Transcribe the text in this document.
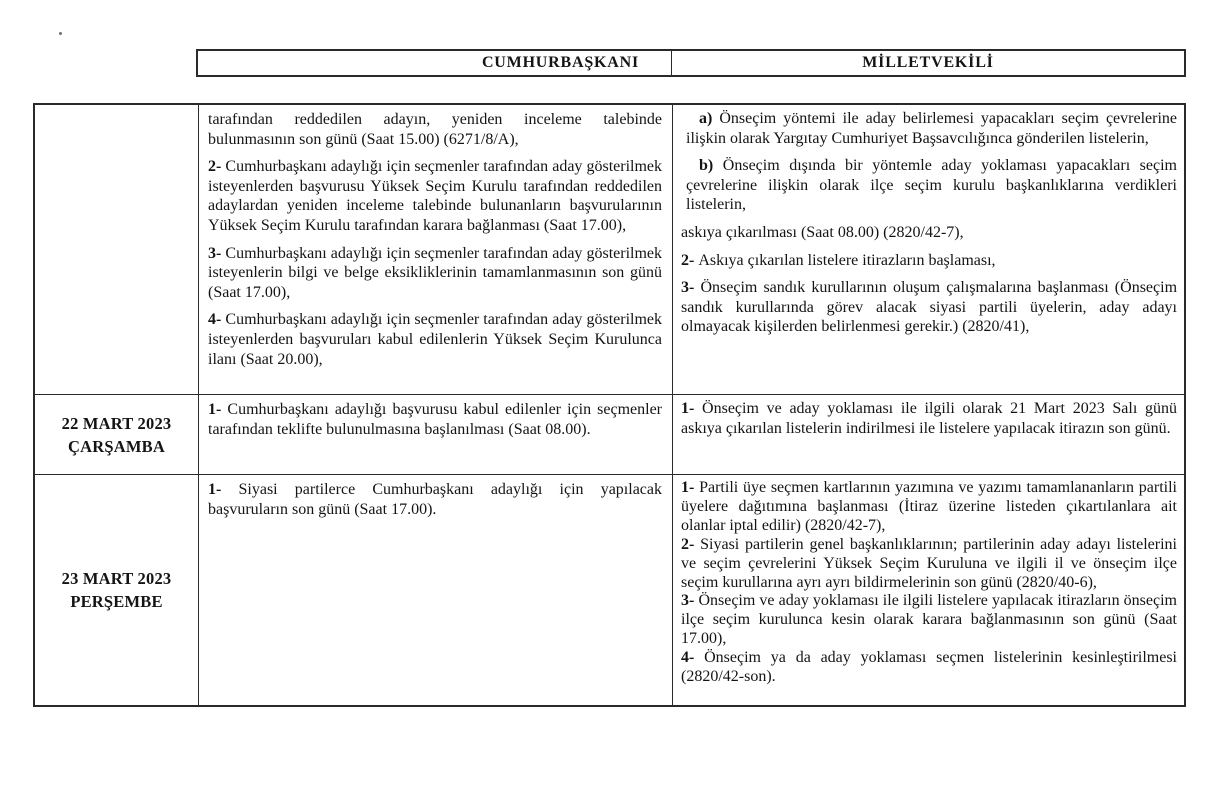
CUMHURBAŞKANI	MİLLETVEKİLİ

tarafından reddedilen adayın, yeniden inceleme talebinde bulunmasının son günü (Saat 15.00) (6271/8/A),

2- Cumhurbaşkanı adaylığı için seçmenler tarafından aday gösterilmek isteyenlerden başvurusu Yüksek Seçim Kurulu tarafından reddedilen adaylardan yeniden inceleme talebinde bulunanların başvurularının Yüksek Seçim Kurulu tarafından karara bağlanması (Saat 17.00),

3- Cumhurbaşkanı adaylığı için seçmenler tarafından aday gösterilmek isteyenlerin bilgi ve belge eksikliklerinin tamamlanmasının son günü (Saat 17.00),

4- Cumhurbaşkanı adaylığı için seçmenler tarafından aday gösterilmek isteyenlerden başvuruları kabul edilenlerin Yüksek Seçim Kurulunca ilanı (Saat 20.00),

a) Önseçim yöntemi ile aday belirlemesi yapacakları seçim çevrelerine ilişkin olarak Yargıtay Cumhuriyet Başsavcılığınca gönderilen listelerin,

b) Önseçim dışında bir yöntemle aday yoklaması yapacakları seçim çevrelerine ilişkin olarak ilçe seçim kurulu başkanlıklarına verdikleri listelerin,

askıya çıkarılması (Saat 08.00) (2820/42-7),

2- Askıya çıkarılan listelere itirazların başlaması,

3- Önseçim sandık kurullarının oluşum çalışmalarına başlanması (Önseçim sandık kurullarında görev alacak siyasi partili üyelerin, aday adayı olmayacak kişilerden belirlenmesi gerekir.) (2820/41),

22 MART 2023
ÇARŞAMBA

1- Cumhurbaşkanı adaylığı başvurusu kabul edilenler için seçmenler tarafından teklifte bulunulmasına başlanılması (Saat 08.00).

1- Önseçim ve aday yoklaması ile ilgili olarak 21 Mart 2023 Salı günü askıya çıkarılan listelerin indirilmesi ile listelere yapılacak itirazın son günü.

23 MART 2023
PERŞEMBE

1- Siyasi partilerce Cumhurbaşkanı adaylığı için yapılacak başvuruların son günü (Saat 17.00).

1- Partili üye seçmen kartlarının yazımına ve yazımı tamamlananların partili üyelere dağıtımına başlanması (İtiraz üzerine listeden çıkartılanlara ait olanlar iptal edilir) (2820/42-7),

2- Siyasi partilerin genel başkanlıklarının; partilerinin aday adayı listelerini ve seçim çevrelerini Yüksek Seçim Kuruluna ve ilgili il ve önseçim ilçe seçim kurullarına ayrı ayrı bildirmelerinin son günü (2820/40-6),

3- Önseçim ve aday yoklaması ile ilgili listelere yapılacak itirazların önseçim ilçe seçim kurulunca kesin olarak karara bağlanmasının son günü (Saat 17.00),

4- Önseçim ya da aday yoklaması seçmen listelerinin kesinleştirilmesi (2820/42-son).
